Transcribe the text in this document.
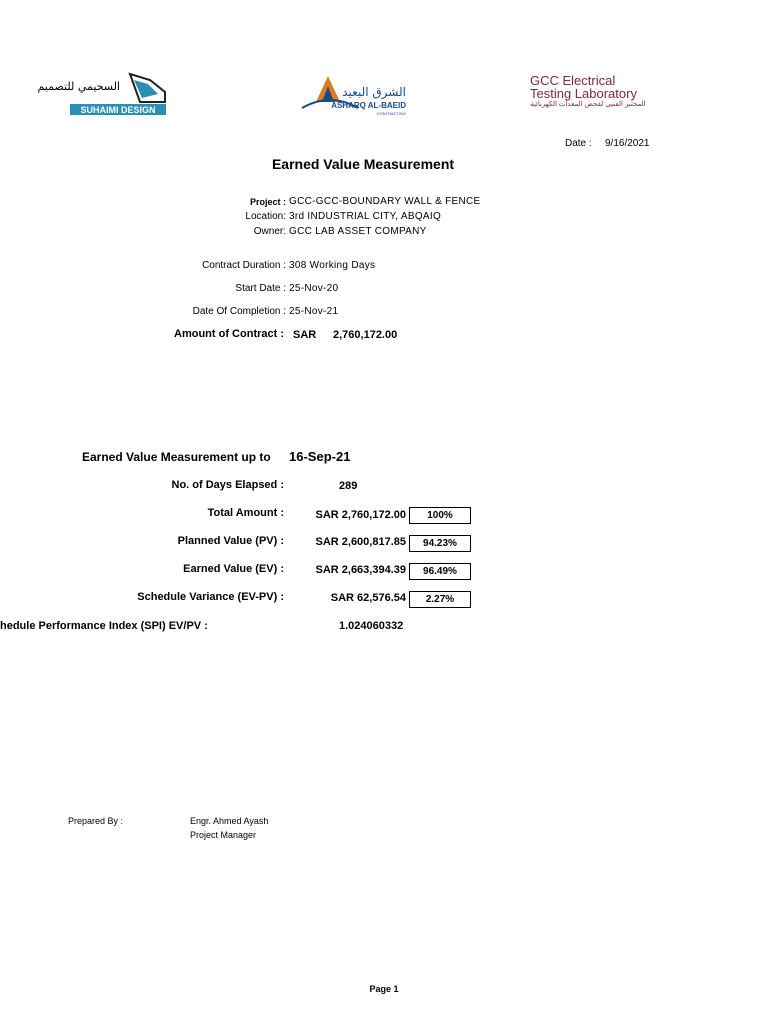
السحيمي للتصميم
SUHAIMI DESIGN
الشرق البعيد
ASHARQ AL-BAEID
CONTRACTING
GCC Electrical
Testing Laboratory
المختبر الفنيي لفحص المعدات الكهربائية
Date : 9/16/2021
Earned Value Measurement
Project : GCC-GCC-BOUNDARY WALL & FENCE
Location: 3rd INDUSTRIAL CITY, ABQAIQ
Owner: GCC LAB ASSET COMPANY
Contract Duration : 308 Working Days
Start Date : 25-Nov-20
Date Of Completion : 25-Nov-21
Amount of Contract : SAR 2,760,172.00
Earned Value Measurement up to 16-Sep-21
No. of Days Elapsed :	289
Total Amount :	SAR 2,760,172.00	100%
Planned Value (PV) :	SAR 2,600,817.85	94.23%
Earned Value (EV) :	SAR 2,663,394.39	96.49%
Schedule Variance (EV-PV) :	SAR 62,576.54	2.27%
hedule Performance Index (SPI) EV/PV :	1.024060332
Prepared By :	Engr. Ahmed Ayash
Project Manager
Page 1
